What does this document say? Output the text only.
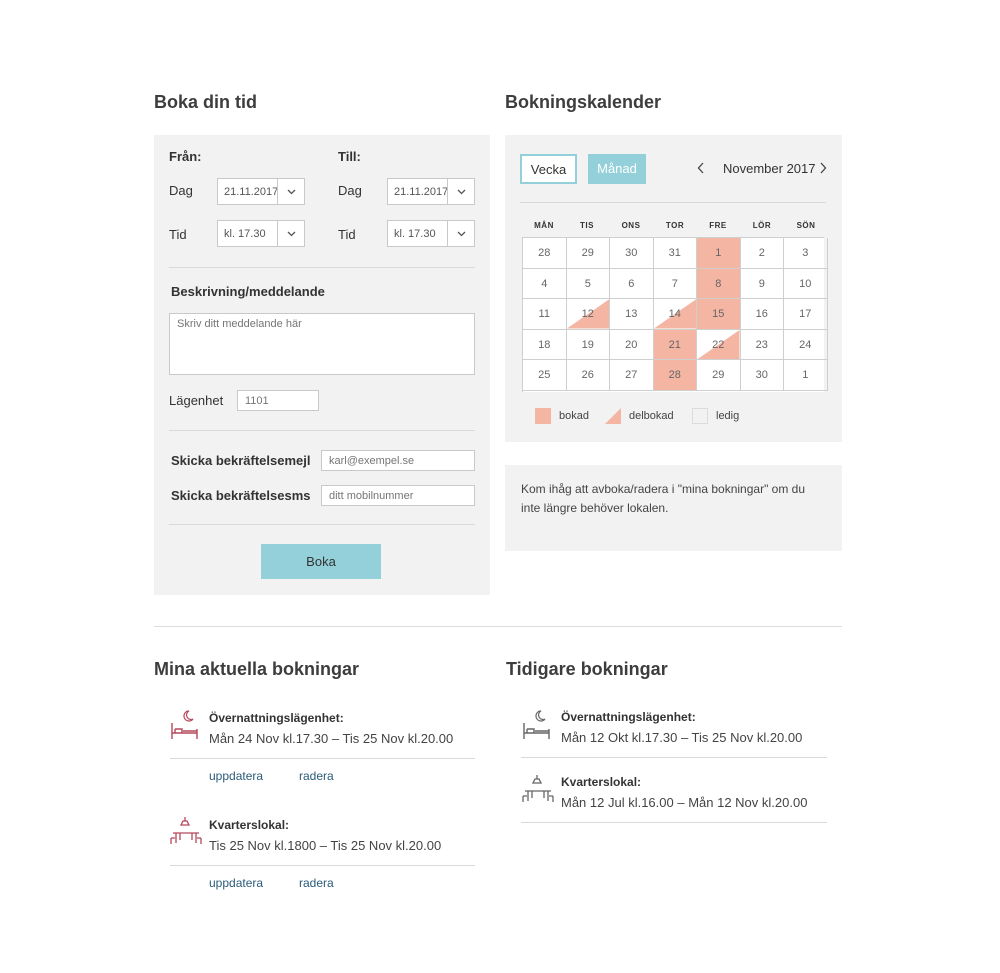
Boka din tid
Från:	Till:
Dag	21.11.2017	Dag	21.11.2017
Tid	kl. 17.30	Tid	kl. 17.30
Beskrivning/meddelande
Skriv ditt meddelande här
Lägenhet
1101
Skicka bekräftelsemejl
karl@exempel.se
Skicka bekräftelsesms
ditt mobilnummer
Boka
Bokningskalender
Vecka	Månad	November 2017
MÅN	TIS	ONS	TOR	FRE	LÖR	SÖN
28	29	30	31	1	2	3
4	5	6	7	8	9	10
11	12	13	14	15	16	17
18	19	20	21	22	23	24
25	26	27	28	29	30	1
bokad	delbokad	ledig

Kom ihåg att avboka/radera i "mina bokningar" om du inte längre behöver lokalen.

Mina aktuella bokningar
Övernattningslägenhet:
Mån 24 Nov kl.17.30 – Tis 25 Nov kl.20.00
uppdatera	radera
Kvarterslokal:
Tis 25 Nov kl.1800 – Tis 25 Nov kl.20.00
uppdatera	radera
Tidigare bokningar
Övernattningslägenhet:
Mån 12 Okt kl.17.30 – Tis 25 Nov kl.20.00
Kvarterslokal:
Mån 12 Jul kl.16.00 – Mån 12 Nov kl.20.00
